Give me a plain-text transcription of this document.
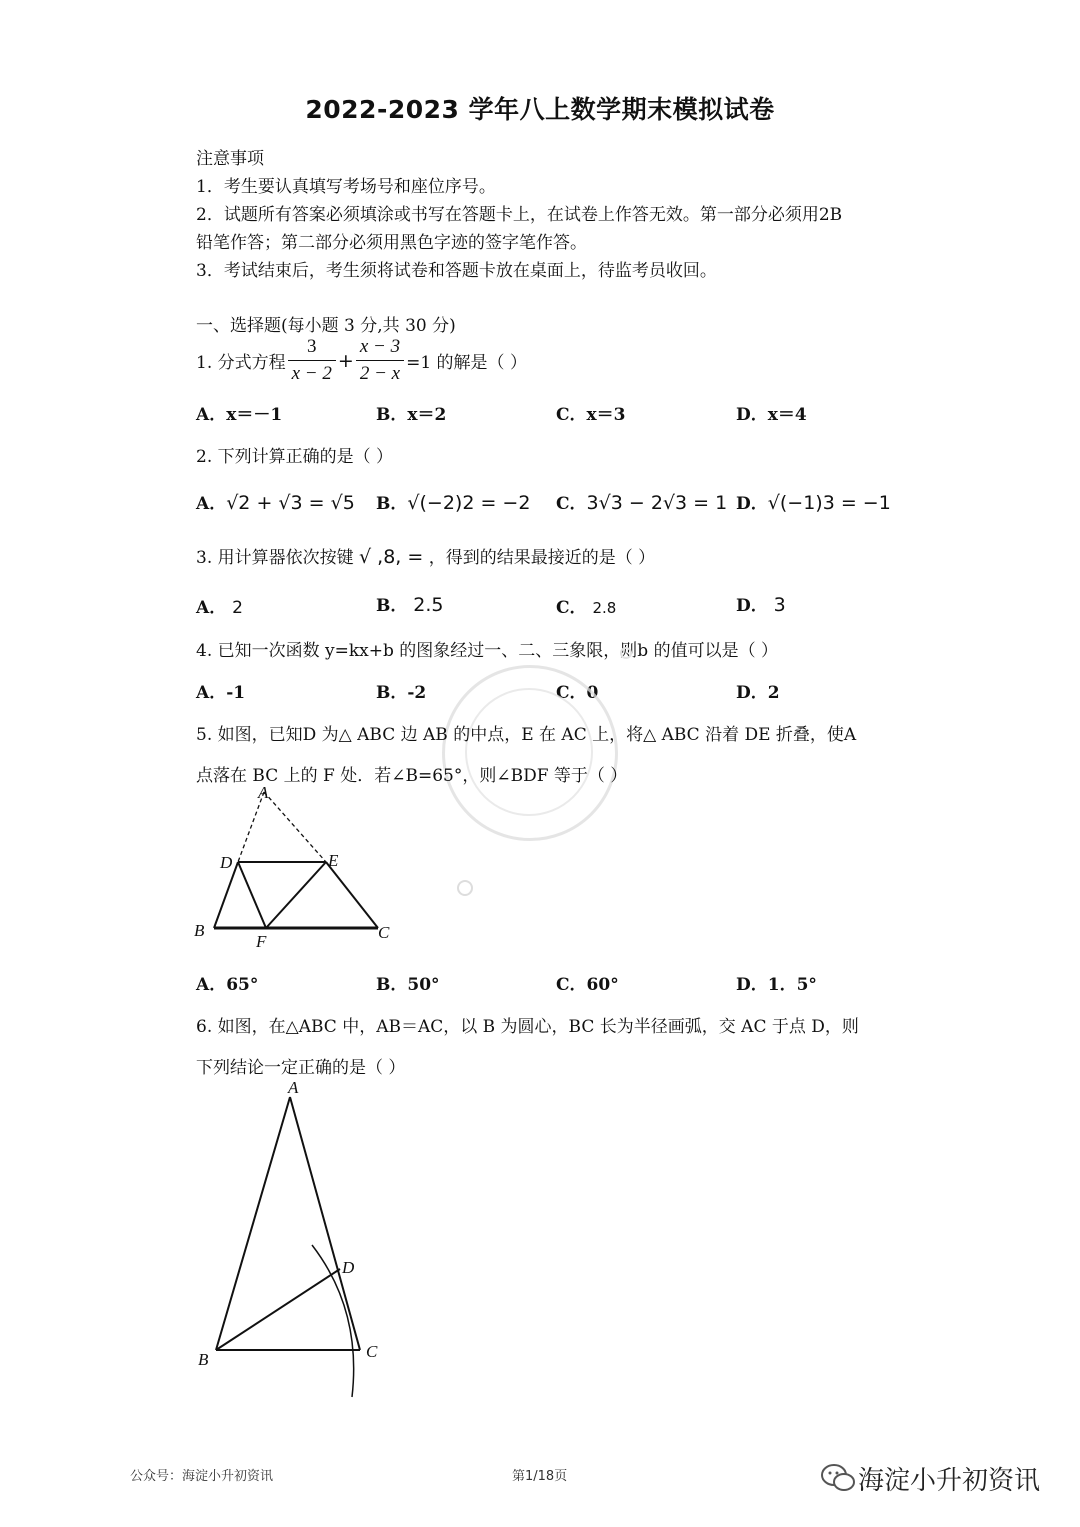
2022-2023 学年八上数学期末模拟试卷
注意事项
1．考生要认真填写考场号和座位序号。
2．试题所有答案必须填涂或书写在答题卡上，在试卷上作答无效。第一部分必须用2B
铅笔作答；第二部分必须用黑色字迹的签字笔作答。
3．考试结束后，考生须将试卷和答题卡放在桌面上，待监考员收回。
一、选择题(每小题 3 分,共 30 分)
1. 分式方程 $\frac{3}{x - 2} + \frac{x - 3}{2 - x} =1$ 的解是（ ）
A．x＝－1	B．x＝2	C．x＝3	D．x＝4
2. 下列计算正确的是（ ）
A．√2 + √3 = √5 B．√(−2)2 = −2 C．3√3 − 2√3 = 1 D．√(−1)3 = −1
3. 用计算器依次按键 √ ,8, = ，得到的结果最接近的是（ ）
A． 2	B． 2.5	C． 2.8	D． 3
4. 已知一次函数 y=kx+b 的图象经过一、二、三象限，则b 的值可以是（ ）
A．-1	B．-2	C．0	D．2
5. 如图，已知D 为△ ABC 边 AB 的中点，E 在 AC 上，将△ ABC 沿着 DE 折叠，使A
点落在 BC 上的 F 处．若∠B=65°，则∠BDF 等于（ ）
A
D	E
B
F	C
A．65°	B．50°	C．60°	D．1．5°
6. 如图，在△ABC 中，AB＝AC，以 B 为圆心，BC 长为半径画弧，交 AC 于点 D，则
下列结论一定正确的是（ ）
A
D
B	C
公众号：海淀小升初资讯	第1/18页	海淀小升初资讯
